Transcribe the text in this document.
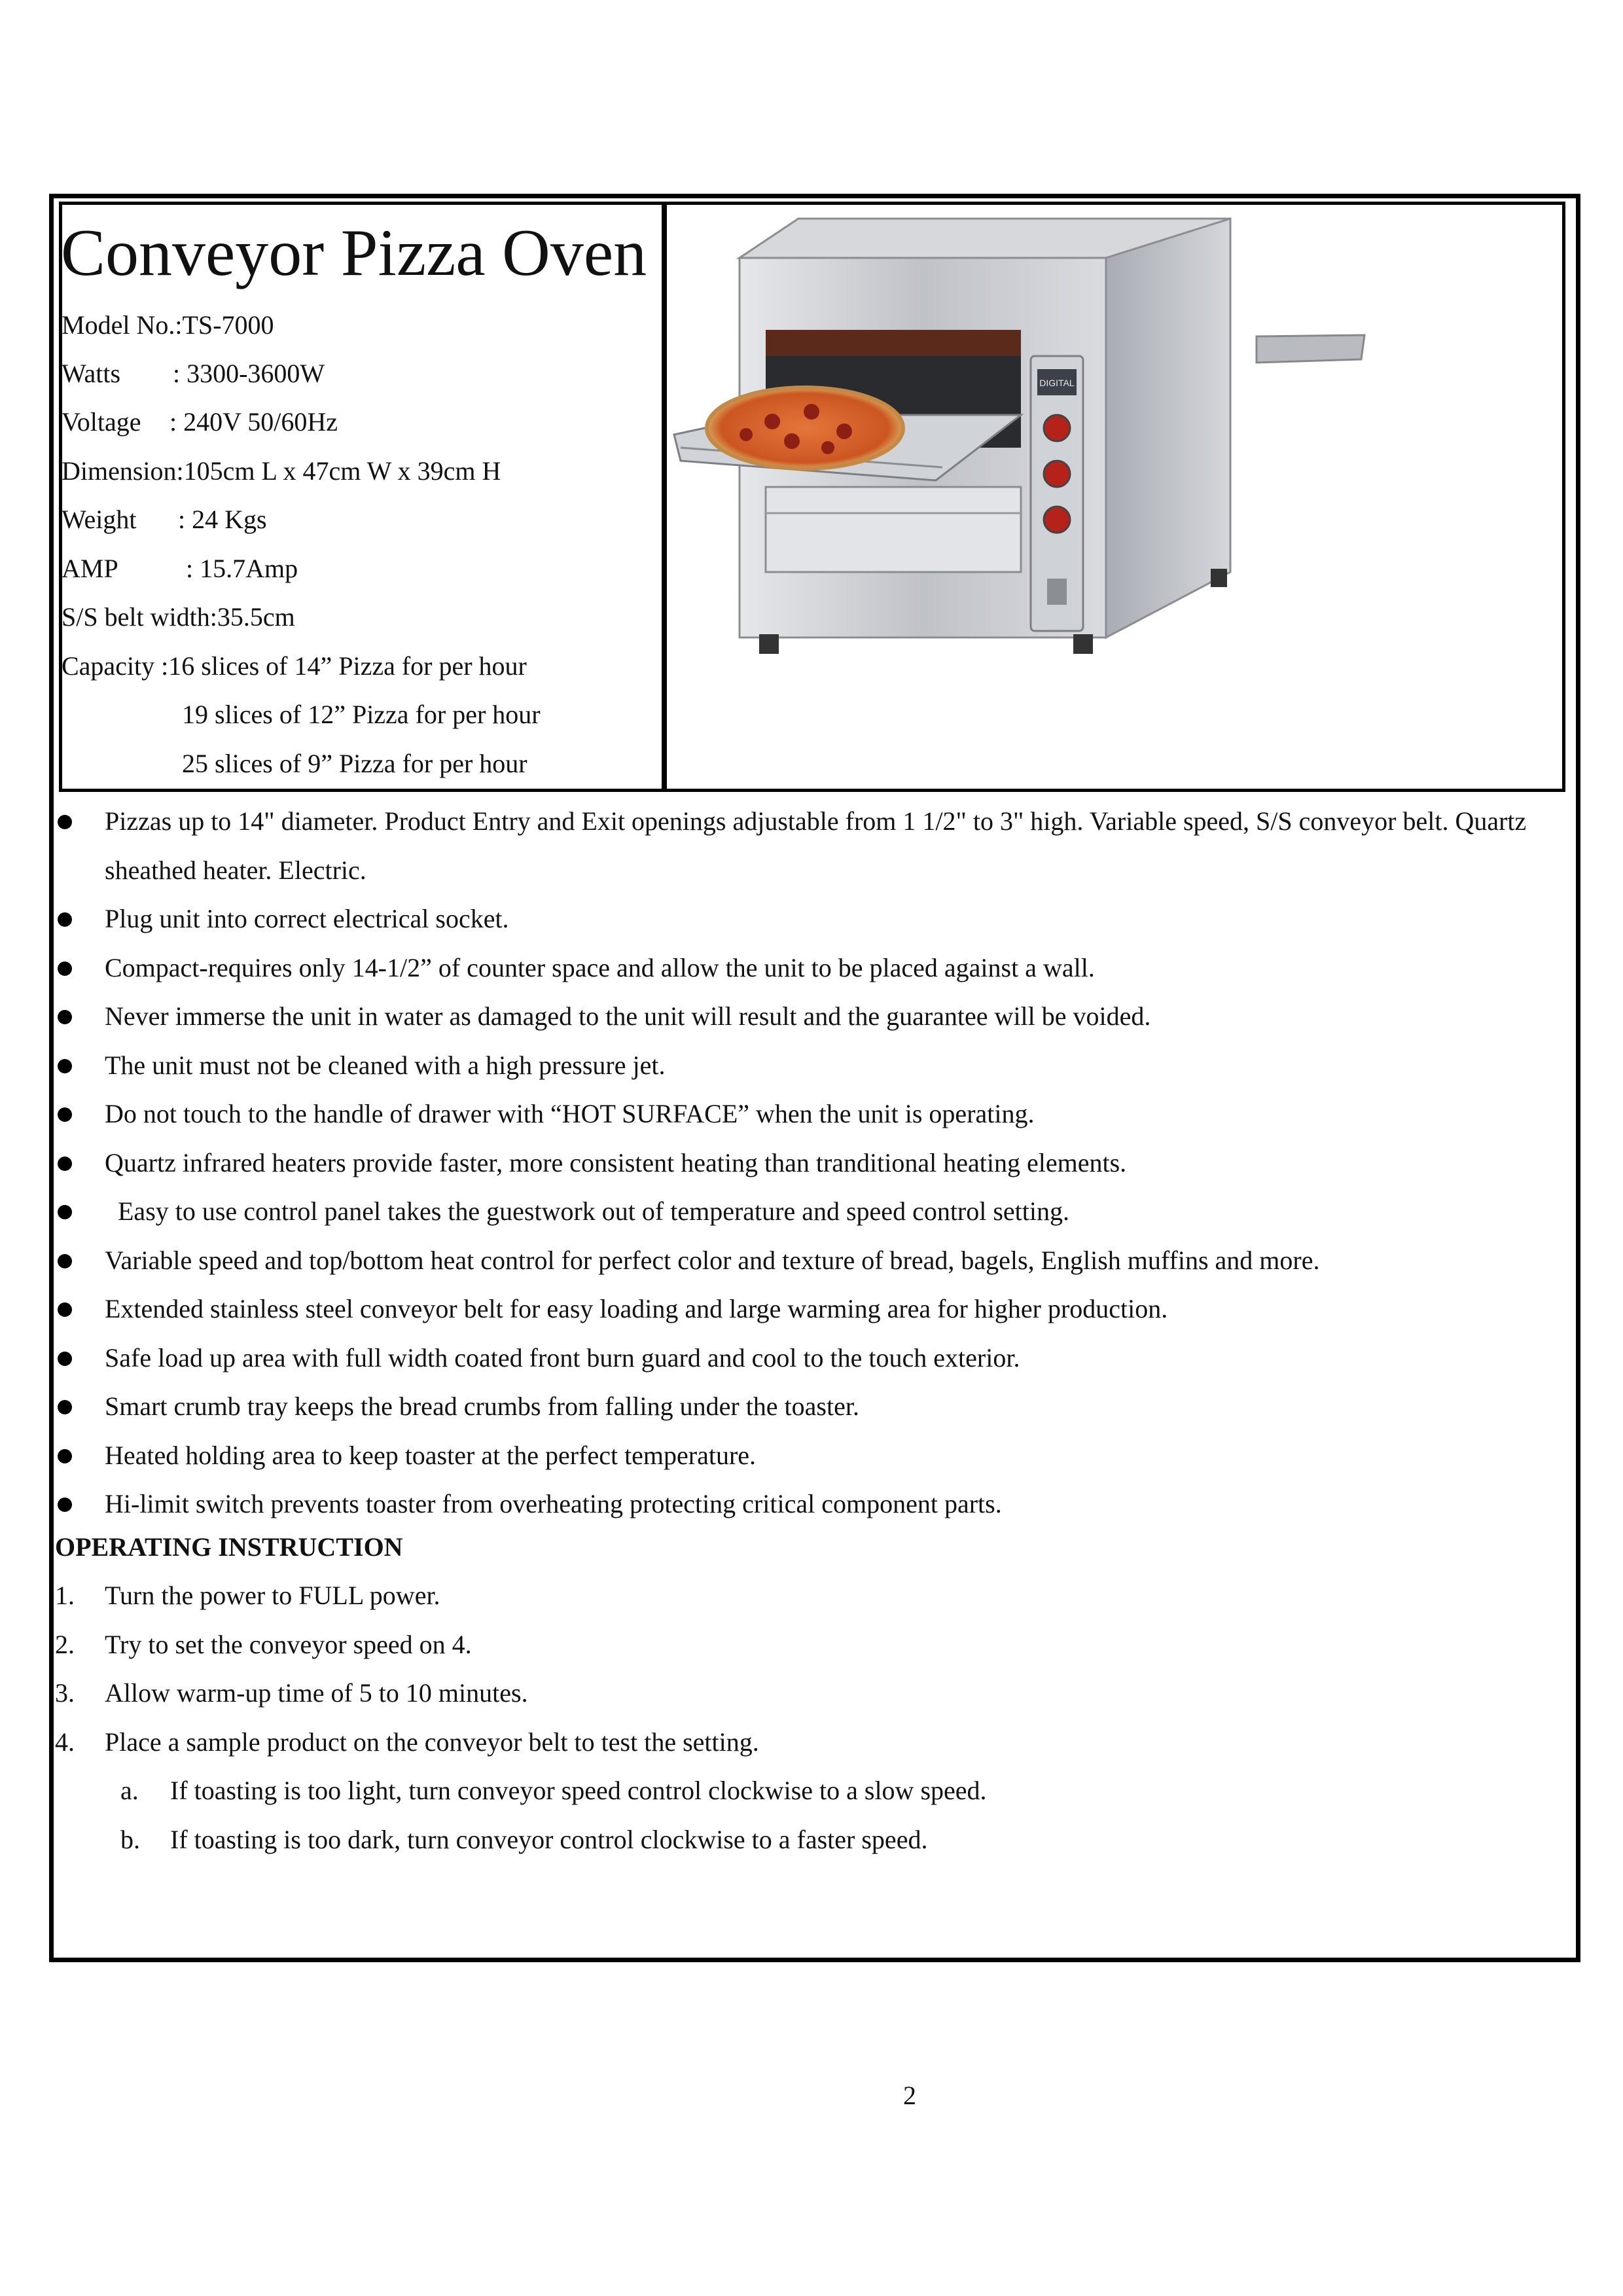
Conveyor Pizza Oven
Model No.:TS-7000
Watts : 3300-3600W
Voltage : 240V 50/60Hz
Dimension:105cm L x 47cm W x 39cm H
Weight : 24 Kgs
AMP	: 15.7Amp
S/S belt width:35.5cm
Capacity :16 slices of 14” Pizza for per hour
19 slices of 12” Pizza for per hour
25 slices of 9” Pizza for per hour
DIGITAL
Pizzas up to 14" diameter. Product Entry and Exit openings adjustable from 1 1/2" to 3" high. Variable speed, S/S conveyor belt. Quartz sheathed heater. Electric.
Plug unit into correct electrical socket.
Compact-requires only 14-1/2” of counter space and allow the unit to be placed against a wall.
Never immerse the unit in water as damaged to the unit will result and the guarantee will be voided.
The unit must not be cleaned with a high pressure jet.
Do not touch to the handle of drawer with “HOT SURFACE” when the unit is operating.
Quartz infrared heaters provide faster, more consistent heating than tranditional heating elements.
Easy to use control panel takes the guestwork out of temperature and speed control setting.
Variable speed and top/bottom heat control for perfect color and texture of bread, bagels, English muffins and more.
Extended stainless steel conveyor belt for easy loading and large warming area for higher production.
Safe load up area with full width coated front burn guard and cool to the touch exterior.
Smart crumb tray keeps the bread crumbs from falling under the toaster.
Heated holding area to keep toaster at the perfect temperature.
Hi-limit switch prevents toaster from overheating protecting critical component parts.
OPERATING INSTRUCTION
1. Turn the power to FULL power.
2. Try to set the conveyor speed on 4.
3. Allow warm-up time of 5 to 10 minutes.
4. Place a sample product on the conveyor belt to test the setting.
a. If toasting is too light, turn conveyor speed control clockwise to a slow speed.
b. If toasting is too dark, turn conveyor control clockwise to a faster speed.
2
